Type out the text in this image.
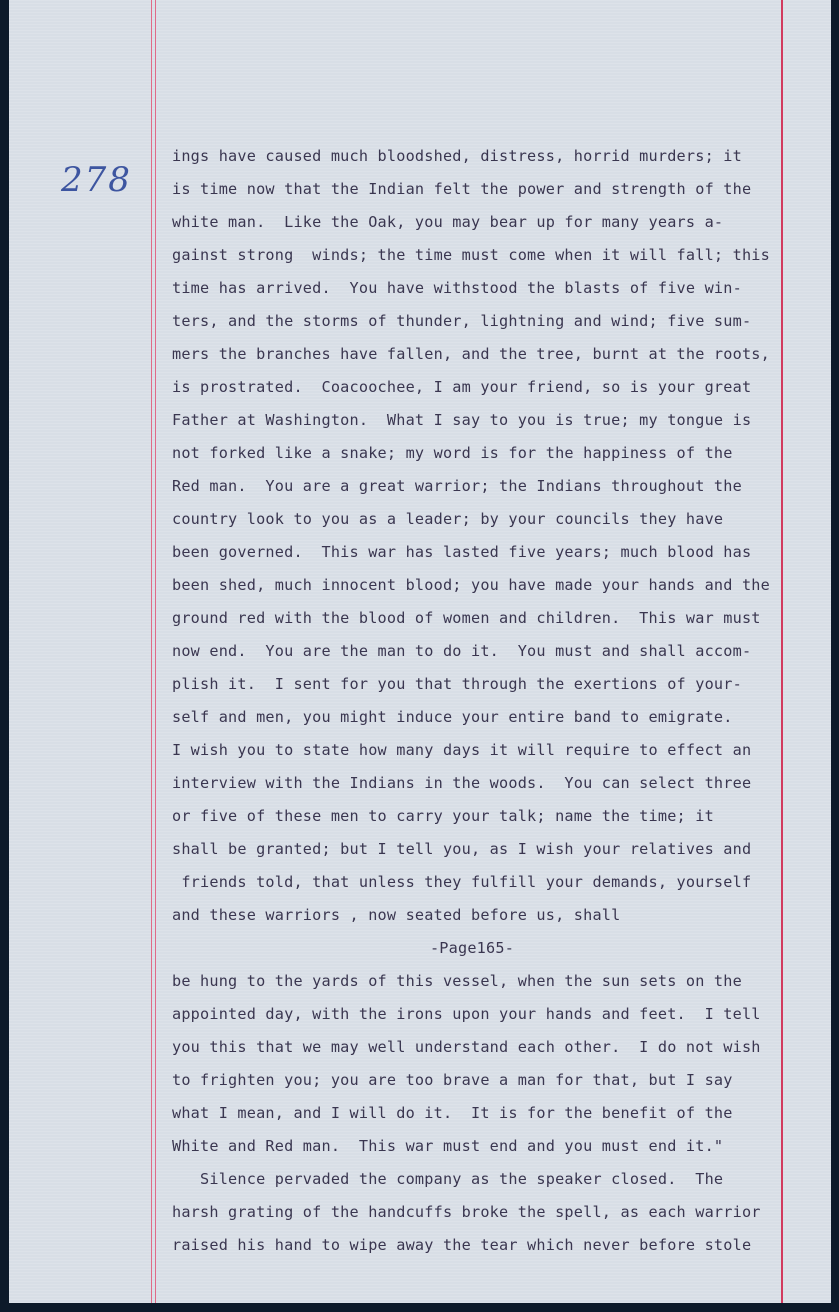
278
ings have caused much bloodshed, distress, horrid murders; it
is time now that the Indian felt the power and strength of the
white man.  Like the Oak, you may bear up for many years a-
gainst strong  winds; the time must come when it will fall; this
time has arrived.  You have withstood the blasts of five win-
ters, and the storms of thunder, lightning and wind; five sum-
mers the branches have fallen, and the tree, burnt at the roots,
is prostrated.  Coacoochee, I am your friend, so is your great
Father at Washington.  What I say to you is true; my tongue is
not forked like a snake; my word is for the happiness of the
Red man.  You are a great warrior; the Indians throughout the
country look to you as a leader; by your councils they have
been governed.  This war has lasted five years; much blood has
been shed, much innocent blood; you have made your hands and the
ground red with the blood of women and children.  This war must
now end.  You are the man to do it.  You must and shall accom-
plish it.  I sent for you that through the exertions of your-
self and men, you might induce your entire band to emigrate.
I wish you to state how many days it will require to effect an
interview with the Indians in the woods.  You can select three
or five of these men to carry your talk; name the time; it
shall be granted; but I tell you, as I wish your relatives and
friends told, that unless they fulfill your demands, yourself
and these warriors , now seated before us, shall
-Page165-
be hung to the yards of this vessel, when the sun sets on the
appointed day, with the irons upon your hands and feet.  I tell
you this that we may well understand each other.  I do not wish
to frighten you; you are too brave a man for that, but I say
what I mean, and I will do it.  It is for the benefit of the
White and Red man.  This war must end and you must end it."
Silence pervaded the company as the speaker closed.  The
harsh grating of the handcuffs broke the spell, as each warrior
raised his hand to wipe away the tear which never before stole
